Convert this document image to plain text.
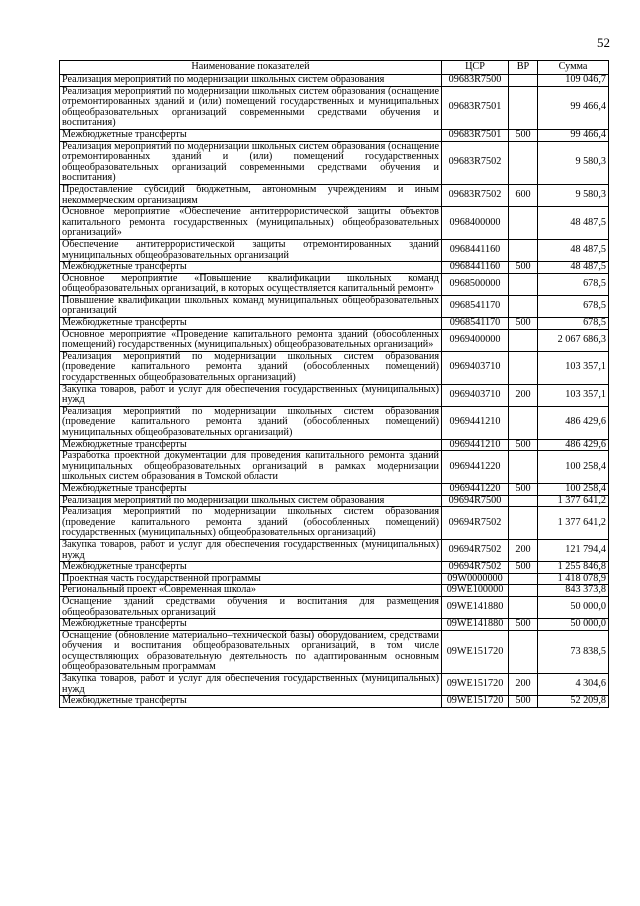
52
Наименование показателей	ЦСР	ВР	Сумма
Реализация мероприятий по модернизации школьных систем образования	09683R7500		109 046,7
Реализация мероприятий по модернизации школьных систем образования (оснащение отремонтированных зданий и (или) помещений государственных и муниципальных общеобразовательных организаций современными средствами обучения и воспитания)	09683R7501		99 466,4
Межбюджетные трансферты	09683R7501	500	99 466,4
Реализация мероприятий по модернизации школьных систем образования (оснащение отремонтированных зданий и (или) помещений государственных общеобразовательных организаций современными средствами обучения и воспитания)	09683R7502		9 580,3
Предоставление субсидий бюджетным, автономным учреждениям и иным некоммерческим организациям	09683R7502	600	9 580,3
Основное мероприятие «Обеспечение антитеррористической защиты объектов капитального ремонта государственных (муниципальных) общеобразовательных организаций»	0968400000		48 487,5
Обеспечение антитеррористической защиты отремонтированных зданий муниципальных общеобразовательных организаций	0968441160		48 487,5
Межбюджетные трансферты	0968441160	500	48 487,5
Основное мероприятие «Повышение квалификации школьных команд общеобразовательных организаций, в которых осуществляется капитальный ремонт»	0968500000		678,5
Повышение квалификации школьных команд муниципальных общеобразовательных организаций	0968541170		678,5
Межбюджетные трансферты	0968541170	500	678,5
Основное мероприятие «Проведение капитального ремонта зданий (обособленных помещений) государственных (муниципальных) общеобразовательных организаций»	0969400000		2 067 686,3
Реализация мероприятий по модернизации школьных систем образования (проведение капитального ремонта зданий (обособленных помещений) государственных общеобразовательных организаций)	0969403710		103 357,1
Закупка товаров, работ и услуг для обеспечения государственных (муниципальных) нужд	0969403710	200	103 357,1
Реализация мероприятий по модернизации школьных систем образования (проведение капитального ремонта зданий (обособленных помещений) муниципальных общеобразовательных организаций)	0969441210		486 429,6
Межбюджетные трансферты	0969441210	500	486 429,6
Разработка проектной документации для проведения капитального ремонта зданий муниципальных общеобразовательных организаций в рамках модернизации школьных систем образования в Томской области	0969441220		100 258,4
Межбюджетные трансферты	0969441220	500	100 258,4
Реализация мероприятий по модернизации школьных систем образования	09694R7500		1 377 641,2
Реализация мероприятий по модернизации школьных систем образования (проведение капитального ремонта зданий (обособленных помещений) государственных (муниципальных) общеобразовательных организаций)	09694R7502		1 377 641,2
Закупка товаров, работ и услуг для обеспечения государственных (муниципальных) нужд	09694R7502	200	121 794,4
Межбюджетные трансферты	09694R7502	500	1 255 846,8
Проектная часть государственной программы	09W0000000		1 418 078,9
Региональный проект «Современная школа»	09WE100000		843 373,8
Оснащение зданий средствами обучения и воспитания для размещения общеобразовательных организаций	09WE141880		50 000,0
Межбюджетные трансферты	09WE141880	500	50 000,0
Оснащение (обновление материально–технической базы) оборудованием, средствами обучения и воспитания общеобразовательных организаций, в том числе осуществляющих образовательную деятельность по адаптированным основным общеобразовательным программам	09WE151720		73 838,5
Закупка товаров, работ и услуг для обеспечения государственных (муниципальных) нужд	09WE151720	200	4 304,6
Межбюджетные трансферты	09WE151720	500	52 209,8
